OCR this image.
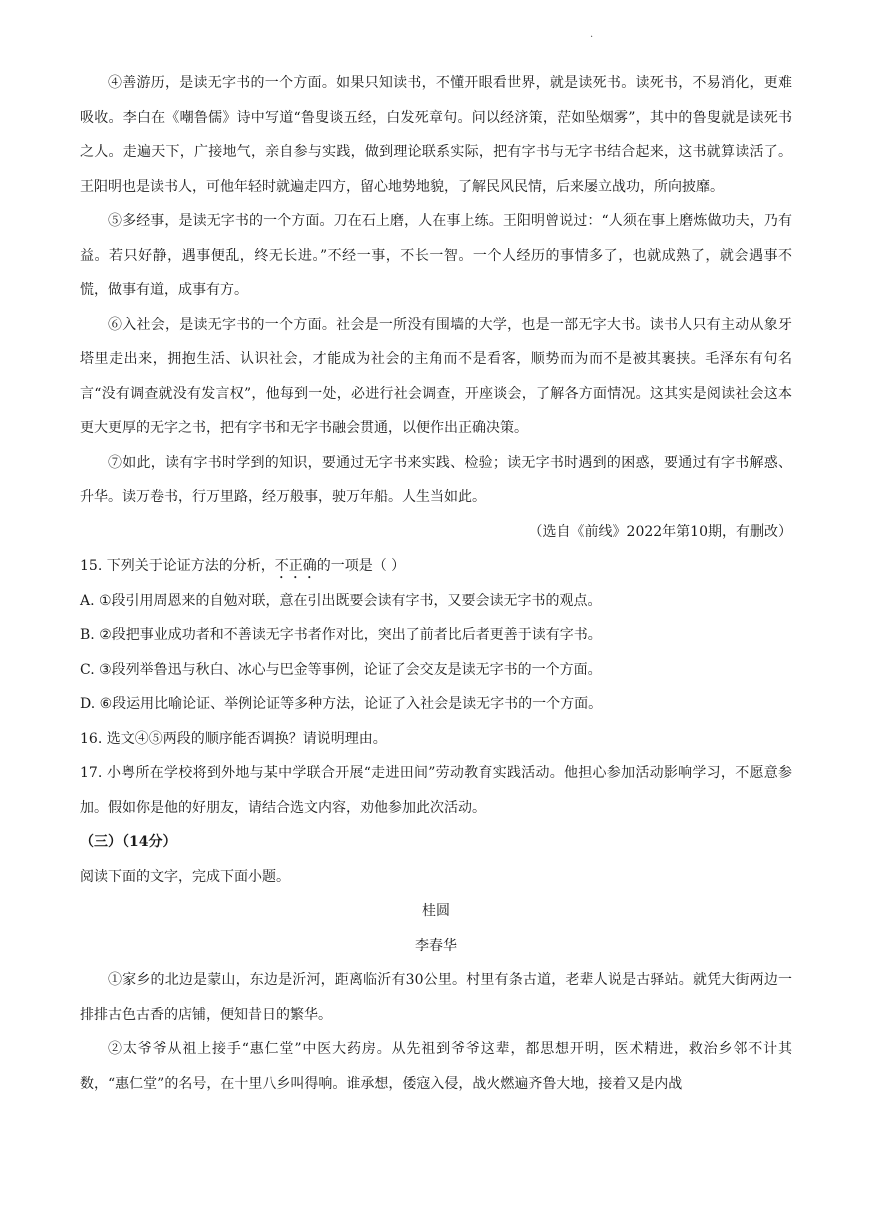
.

④善游历，是读无字书的一个方面。如果只知读书，不懂开眼看世界，就是读死书。读死书，不易消化，更难吸收。李白在《嘲鲁儒》诗中写道“鲁叟谈五经，白发死章句。问以经济策，茫如坠烟雾”，其中的鲁叟就是读死书之人。走遍天下，广接地气，亲自参与实践，做到理论联系实际，把有字书与无字书结合起来，这书就算读活了。王阳明也是读书人，可他年轻时就遍走四方，留心地势地貌，了解民风民情，后来屡立战功，所向披靡。

⑤多经事，是读无字书的一个方面。刀在石上磨，人在事上练。王阳明曾说过：“人须在事上磨炼做功夫，乃有益。若只好静，遇事便乱，终无长进。”不经一事，不长一智。一个人经历的事情多了，也就成熟了，就会遇事不慌，做事有道，成事有方。

⑥入社会，是读无字书的一个方面。社会是一所没有围墙的大学，也是一部无字大书。读书人只有主动从象牙塔里走出来，拥抱生活、认识社会，才能成为社会的主角而不是看客，顺势而为而不是被其裹挟。毛泽东有句名言“没有调查就没有发言权”，他每到一处，必进行社会调查，开座谈会，了解各方面情况。这其实是阅读社会这本更大更厚的无字之书，把有字书和无字书融会贯通，以便作出正确决策。

⑦如此，读有字书时学到的知识，要通过无字书来实践、检验；读无字书时遇到的困惑，要通过有字书解惑、升华。读万卷书，行万里路，经万般事，驶万年船。人生当如此。

（选自《前线》2022年第10期，有删改）

15. 下列关于论证方法的分析，不正确的一项是（ ）

A. ①段引用周恩来的自勉对联，意在引出既要会读有字书，又要会读无字书的观点。

B. ②段把事业成功者和不善读无字书者作对比，突出了前者比后者更善于读有字书。

C. ③段列举鲁迅与秋白、冰心与巴金等事例，论证了会交友是读无字书的一个方面。

D. ⑥段运用比喻论证、举例论证等多种方法，论证了入社会是读无字书的一个方面。

16. 选文④⑤两段的顺序能否调换？请说明理由。

17. 小粤所在学校将到外地与某中学联合开展“走进田间”劳动教育实践活动。他担心参加活动影响学习，不愿意参加。假如你是他的好朋友，请结合选文内容，劝他参加此次活动。

（三）（14分）

阅读下面的文字，完成下面小题。

桂圆

李春华

①家乡的北边是蒙山，东边是沂河，距离临沂有30公里。村里有条古道，老辈人说是古驿站。就凭大街两边一排排古色古香的店铺，便知昔日的繁华。

②太爷爷从祖上接手“惠仁堂”中医大药房。从先祖到爷爷这辈，都思想开明，医术精进，救治乡邻不计其数，“惠仁堂”的名号，在十里八乡叫得响。谁承想，倭寇入侵，战火燃遍齐鲁大地，接着又是内战
